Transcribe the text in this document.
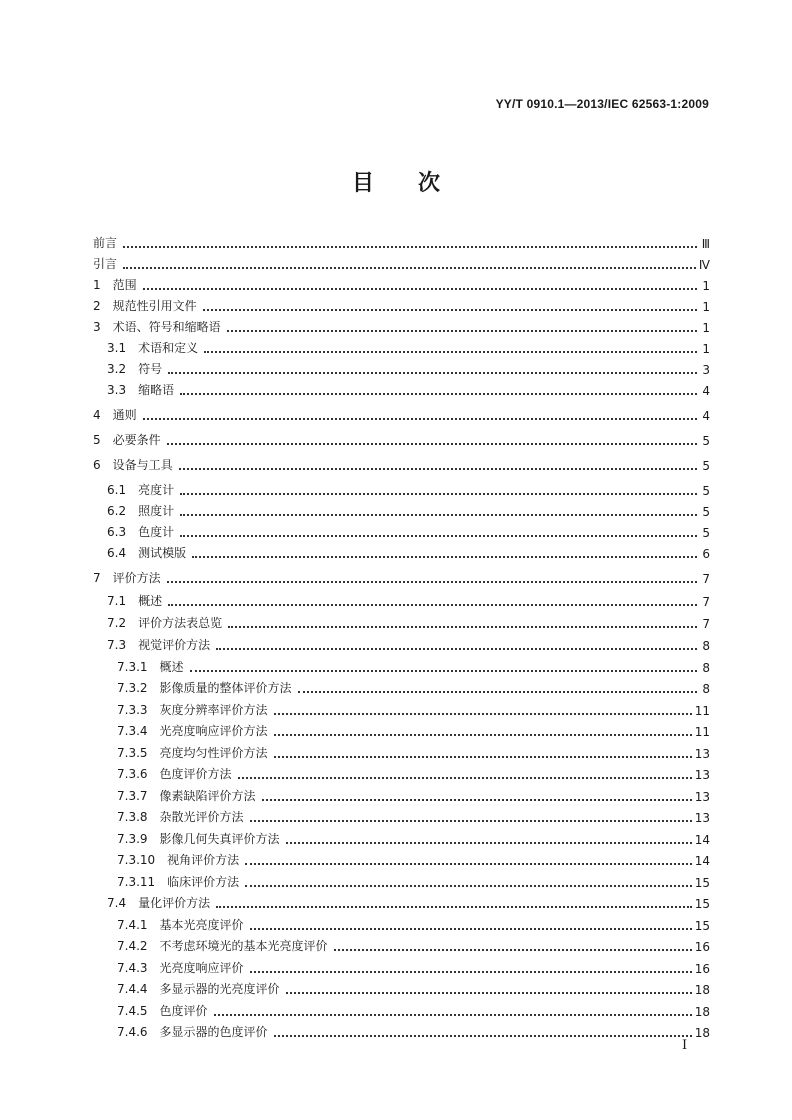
YY/T 0910.1—2013/IEC 62563-1:2009
目 次
前言	Ⅲ
引言	Ⅳ
1 范围	1
2 规范性引用文件	1
3 术语、符号和缩略语	1
3.1 术语和定义	1
3.2 符号	3
3.3 缩略语	4
4 通则	4
5 必要条件	5
6 设备与工具	5
6.1 亮度计	5
6.2 照度计	5
6.3 色度计	5
6.4 测试模版	6
7 评价方法	7
7.1 概述	7
7.2 评价方法表总览	7
7.3 视觉评价方法	8
7.3.1 概述	8
7.3.2 影像质量的整体评价方法	8
7.3.3 灰度分辨率评价方法	11
7.3.4 光亮度响应评价方法	11
7.3.5 亮度均匀性评价方法	13
7.3.6 色度评价方法	13
7.3.7 像素缺陷评价方法	13
7.3.8 杂散光评价方法	13
7.3.9 影像几何失真评价方法	14
7.3.10 视角评价方法	14
7.3.11 临床评价方法	15
7.4 量化评价方法	15
7.4.1 基本光亮度评价	15
7.4.2 不考虑环境光的基本光亮度评价	16
7.4.3 光亮度响应评价	16
7.4.4 多显示器的光亮度评价	18
7.4.5 色度评价	18
7.4.6 多显示器的色度评价	18
I
